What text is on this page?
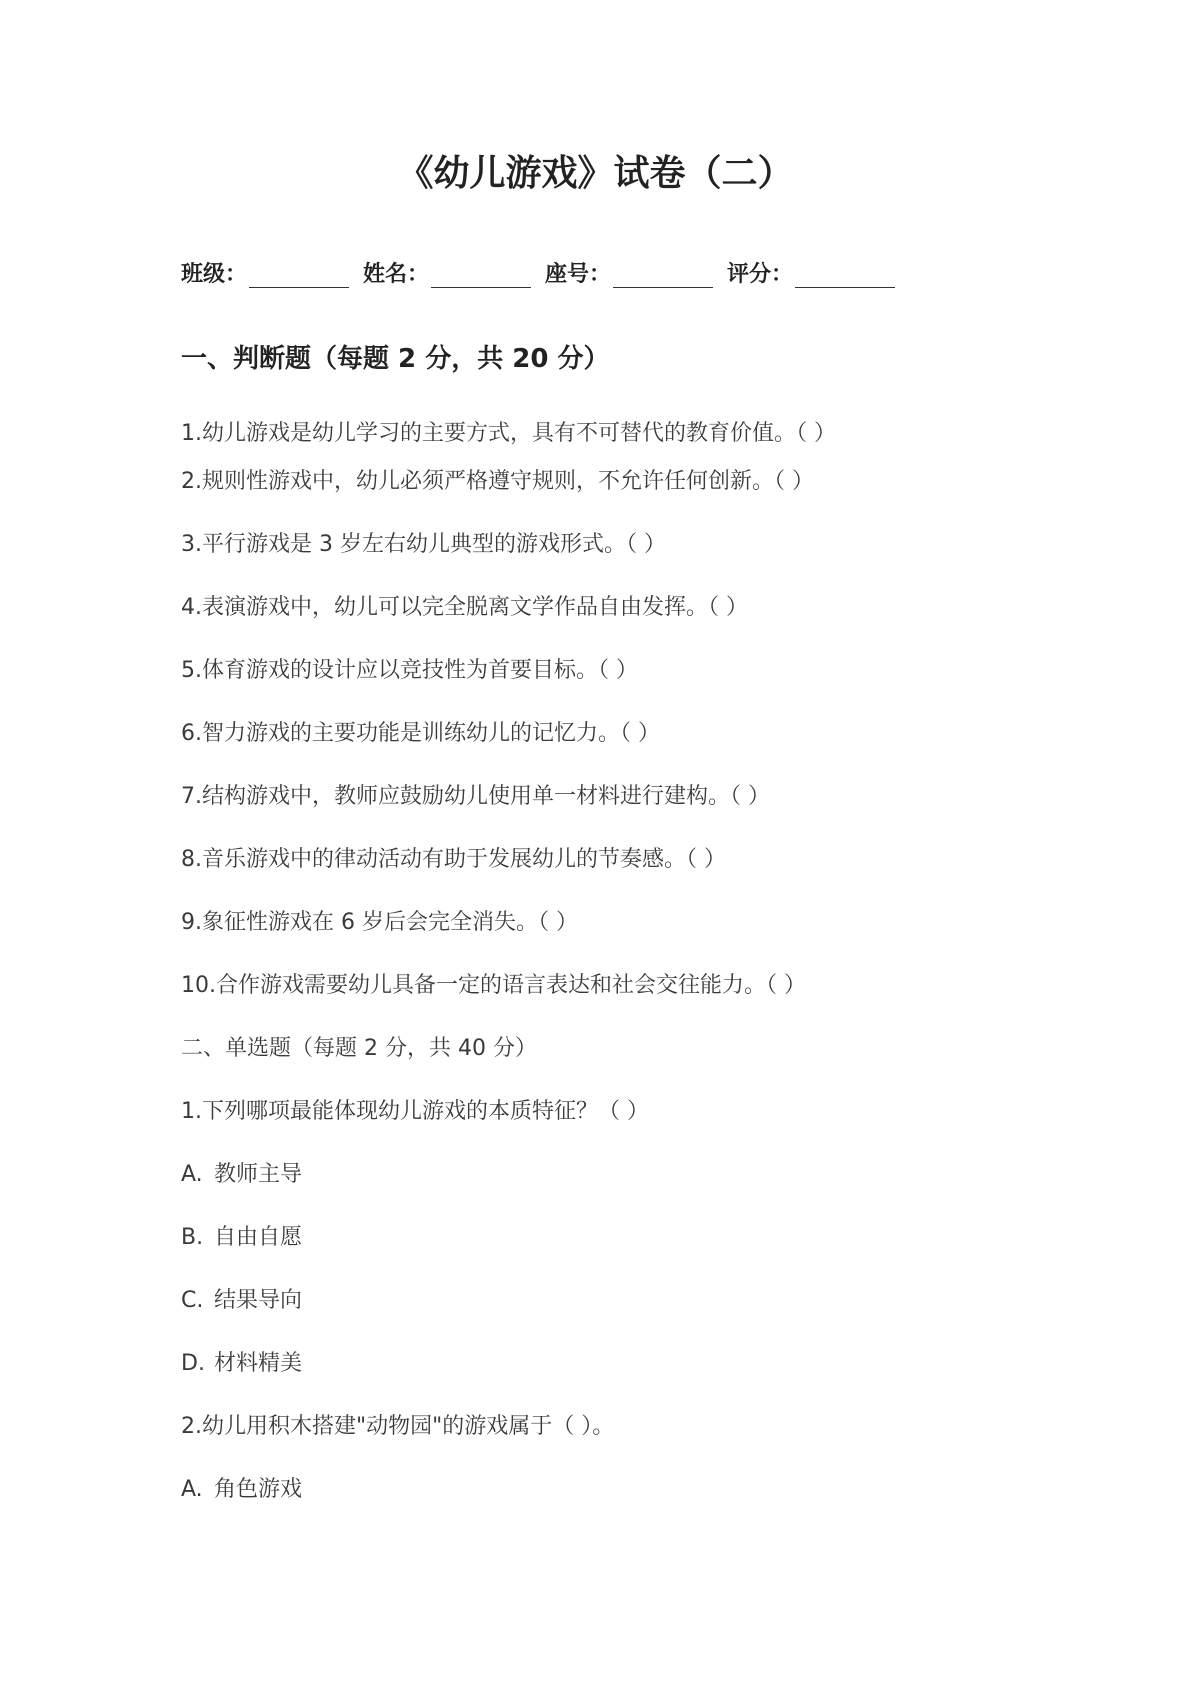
《幼儿游戏》试卷（二）
班级：	姓名：	座号：	评分：
一、判断题（每题 2 分，共 20 分）
1.幼儿游戏是幼儿学习的主要方式，具有不可替代的教育价值。（ ）
2.规则性游戏中，幼儿必须严格遵守规则，不允许任何创新。（ ）
3.平行游戏是 3 岁左右幼儿典型的游戏形式。（ ）
4.表演游戏中，幼儿可以完全脱离文学作品自由发挥。（ ）
5.体育游戏的设计应以竞技性为首要目标。（ ）
6.智力游戏的主要功能是训练幼儿的记忆力。（ ）
7.结构游戏中，教师应鼓励幼儿使用单一材料进行建构。（ ）
8.音乐游戏中的律动活动有助于发展幼儿的节奏感。（ ）
9.象征性游戏在 6 岁后会完全消失。（ ）
10.合作游戏需要幼儿具备一定的语言表达和社会交往能力。（ ）
二、单选题（每题 2 分，共 40 分）
1.下列哪项最能体现幼儿游戏的本质特征？（ ）
A. 教师主导
B. 自由自愿
C. 结果导向
D. 材料精美
2.幼儿用积木搭建"动物园"的游戏属于（ ）。
A. 角色游戏
